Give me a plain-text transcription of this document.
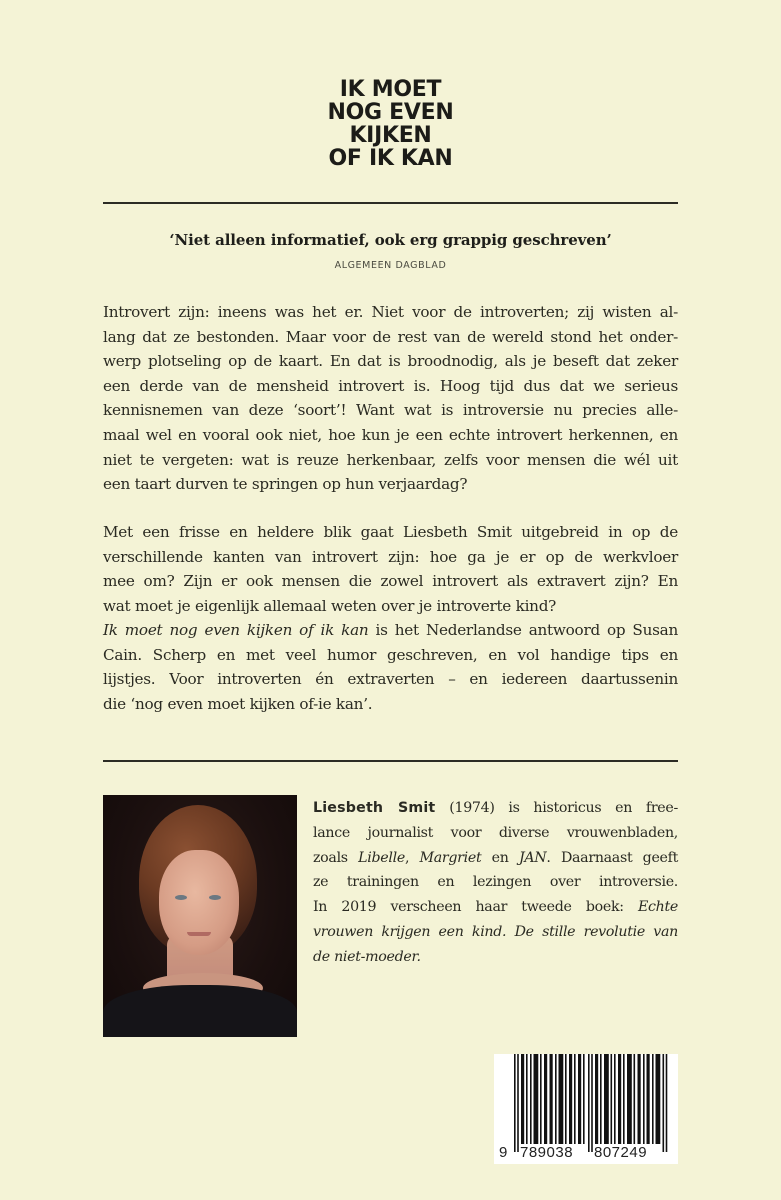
IK MOET
NOG EVEN
KIJKEN
OF IK KAN
‘Niet alleen informatief, ook erg grappig geschreven’
ALGEMEEN DAGBLAD
Introvert zijn: ineens was het er. Niet voor de introverten; zij wisten al-
lang dat ze bestonden. Maar voor de rest van de wereld stond het onder-
werp plotseling op de kaart. En dat is broodnodig, als je beseft dat zeker
een derde van de mensheid introvert is. Hoog tijd dus dat we serieus
kennisnemen van deze ‘soort’! Want wat is introversie nu precies alle-
maal wel en vooral ook niet, hoe kun je een echte introvert herkennen, en
niet te vergeten: wat is reuze herkenbaar, zelfs voor mensen die wél uit
een taart durven te springen op hun verjaardag?
Met een frisse en heldere blik gaat Liesbeth Smit uitgebreid in op de
verschillende kanten van introvert zijn: hoe ga je er op de werkvloer
mee om? Zijn er ook mensen die zowel introvert als extravert zijn? En
wat moet je eigenlijk allemaal weten over je introverte kind?
Ik moet nog even kijken of ik kan is het Nederlandse antwoord op Susan
Cain. Scherp en met veel humor geschreven, en vol handige tips en
lijstjes. Voor introverten én extraverten – en iedereen daartussenin
die ‘nog even moet kijken of-ie kan’.
Liesbeth Smit (1974) is historicus en free-
lance journalist voor diverse vrouwenbladen,
zoals Libelle, Margriet en JAN. Daarnaast geeft
ze trainingen en lezingen over introversie.
In 2019 verscheen haar tweede boek: Echte
vrouwen krijgen een kind. De stille revolutie van
de niet-moeder.
9 789038 807249
